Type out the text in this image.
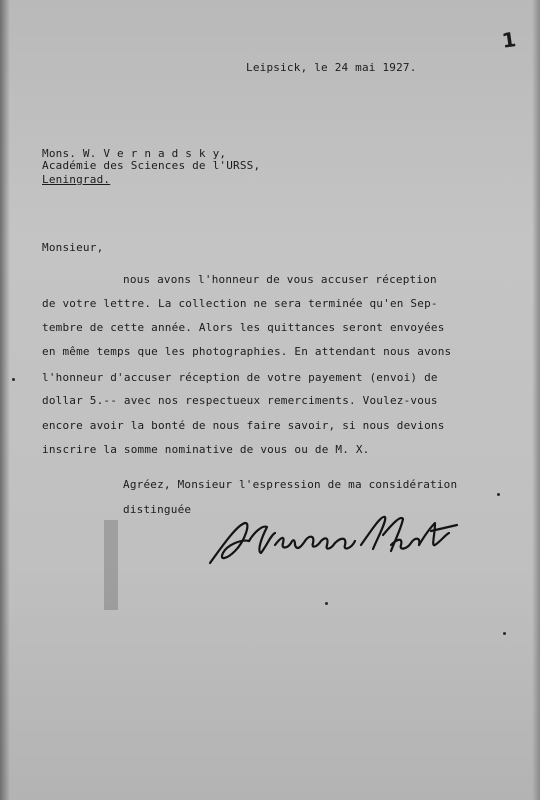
1

Leipsick, le 24 mai 1927.

Mons. W. V e r n a d s k y,

Académie des Sciences de l'URSS,

Leningrad.

Monsieur,

nous avons l'honneur de vous accuser réception

de votre lettre. La collection ne sera terminée qu'en Sep-

tembre de cette année. Alors les quittances seront envoyées

en même temps que les photographies. En attendant nous avons

l'honneur d'accuser réception de votre payement (envoi) de

dollar 5.-- avec nos respectueux remerciments. Voulez-vous

encore avoir la bonté de nous faire savoir, si nous devions

inscrire la somme nominative de vous ou de M. X.

Agréez, Monsieur l'espression de ma considération

distinguée
